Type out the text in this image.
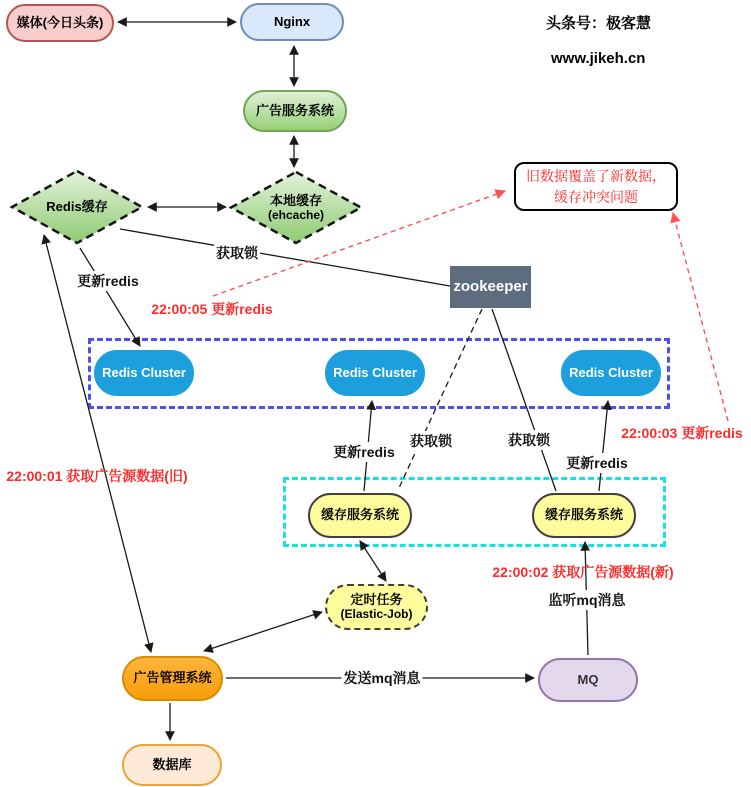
头条号：极客慧
www.jikeh.cn
媒体(今日头条)	Nginx
广告服务系统
Redis缓存	本地缓存
(ehcache)
zookeeper
Redis Cluster	Redis Cluster	Redis Cluster
缓存服务系统	缓存服务系统
定时任务
(Elastic-Job)
广告管理系统	MQ
数据库
旧数据覆盖了新数据，
缓存冲突问题
获取锁
更新redis
22:00:05 更新redis
获取锁
更新redis
获取锁
更新redis
22:00:03 更新redis
22:00:01 获取广告源数据(旧)
22:00:02 获取广告源数据(新)
监听mq消息
发送mq消息
